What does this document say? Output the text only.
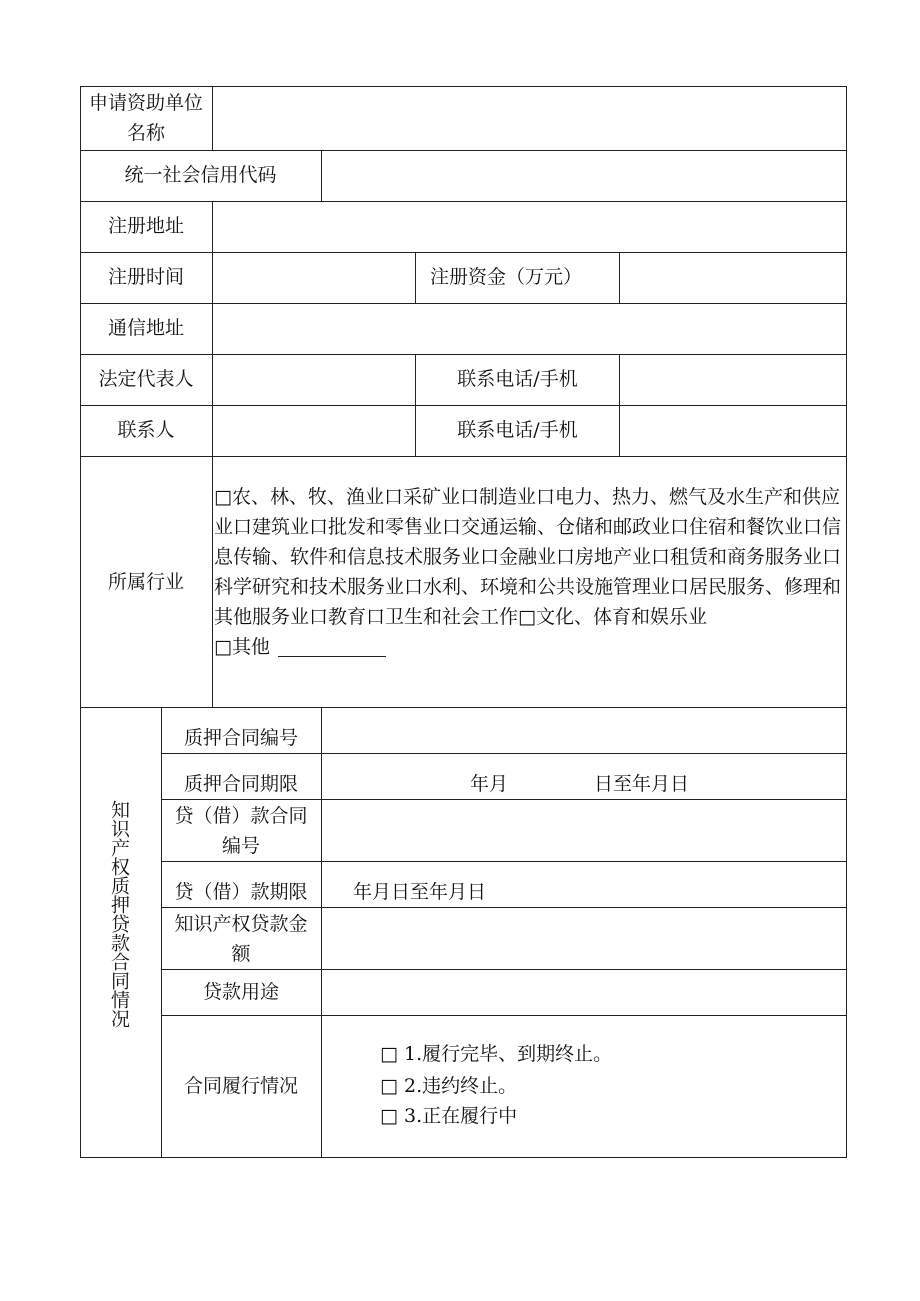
申请资助单位名称
统一社会信用代码
注册地址
注册时间	注册资金（万元）
通信地址
法定代表人	联系电话/手机
联系人	联系电话/手机
所属行业
□农、林、牧、渔业口采矿业口制造业口电力、热力、燃气及水生产和供应业口建筑业口批发和零售业口交通运输、仓储和邮政业口住宿和餐饮业口信息传输、软件和信息技术服务业口金融业口房地产业口租赁和商务服务业口科学研究和技术服务业口水利、环境和公共设施管理业口居民服务、修理和其他服务业口教育口卫生和社会工作□文化、体育和娱乐业
□其他
知识产权质押贷款合同情况
质押合同编号
质押合同期限	年月	日至年月日
贷（借）款合同
编号
贷（借）款期限	年月日至年月日
知识产权贷款金
额
贷款用途
合同履行情况
□ 1.履行完毕、到期终止。
□ 2.违约终止。
□ 3.正在履行中
